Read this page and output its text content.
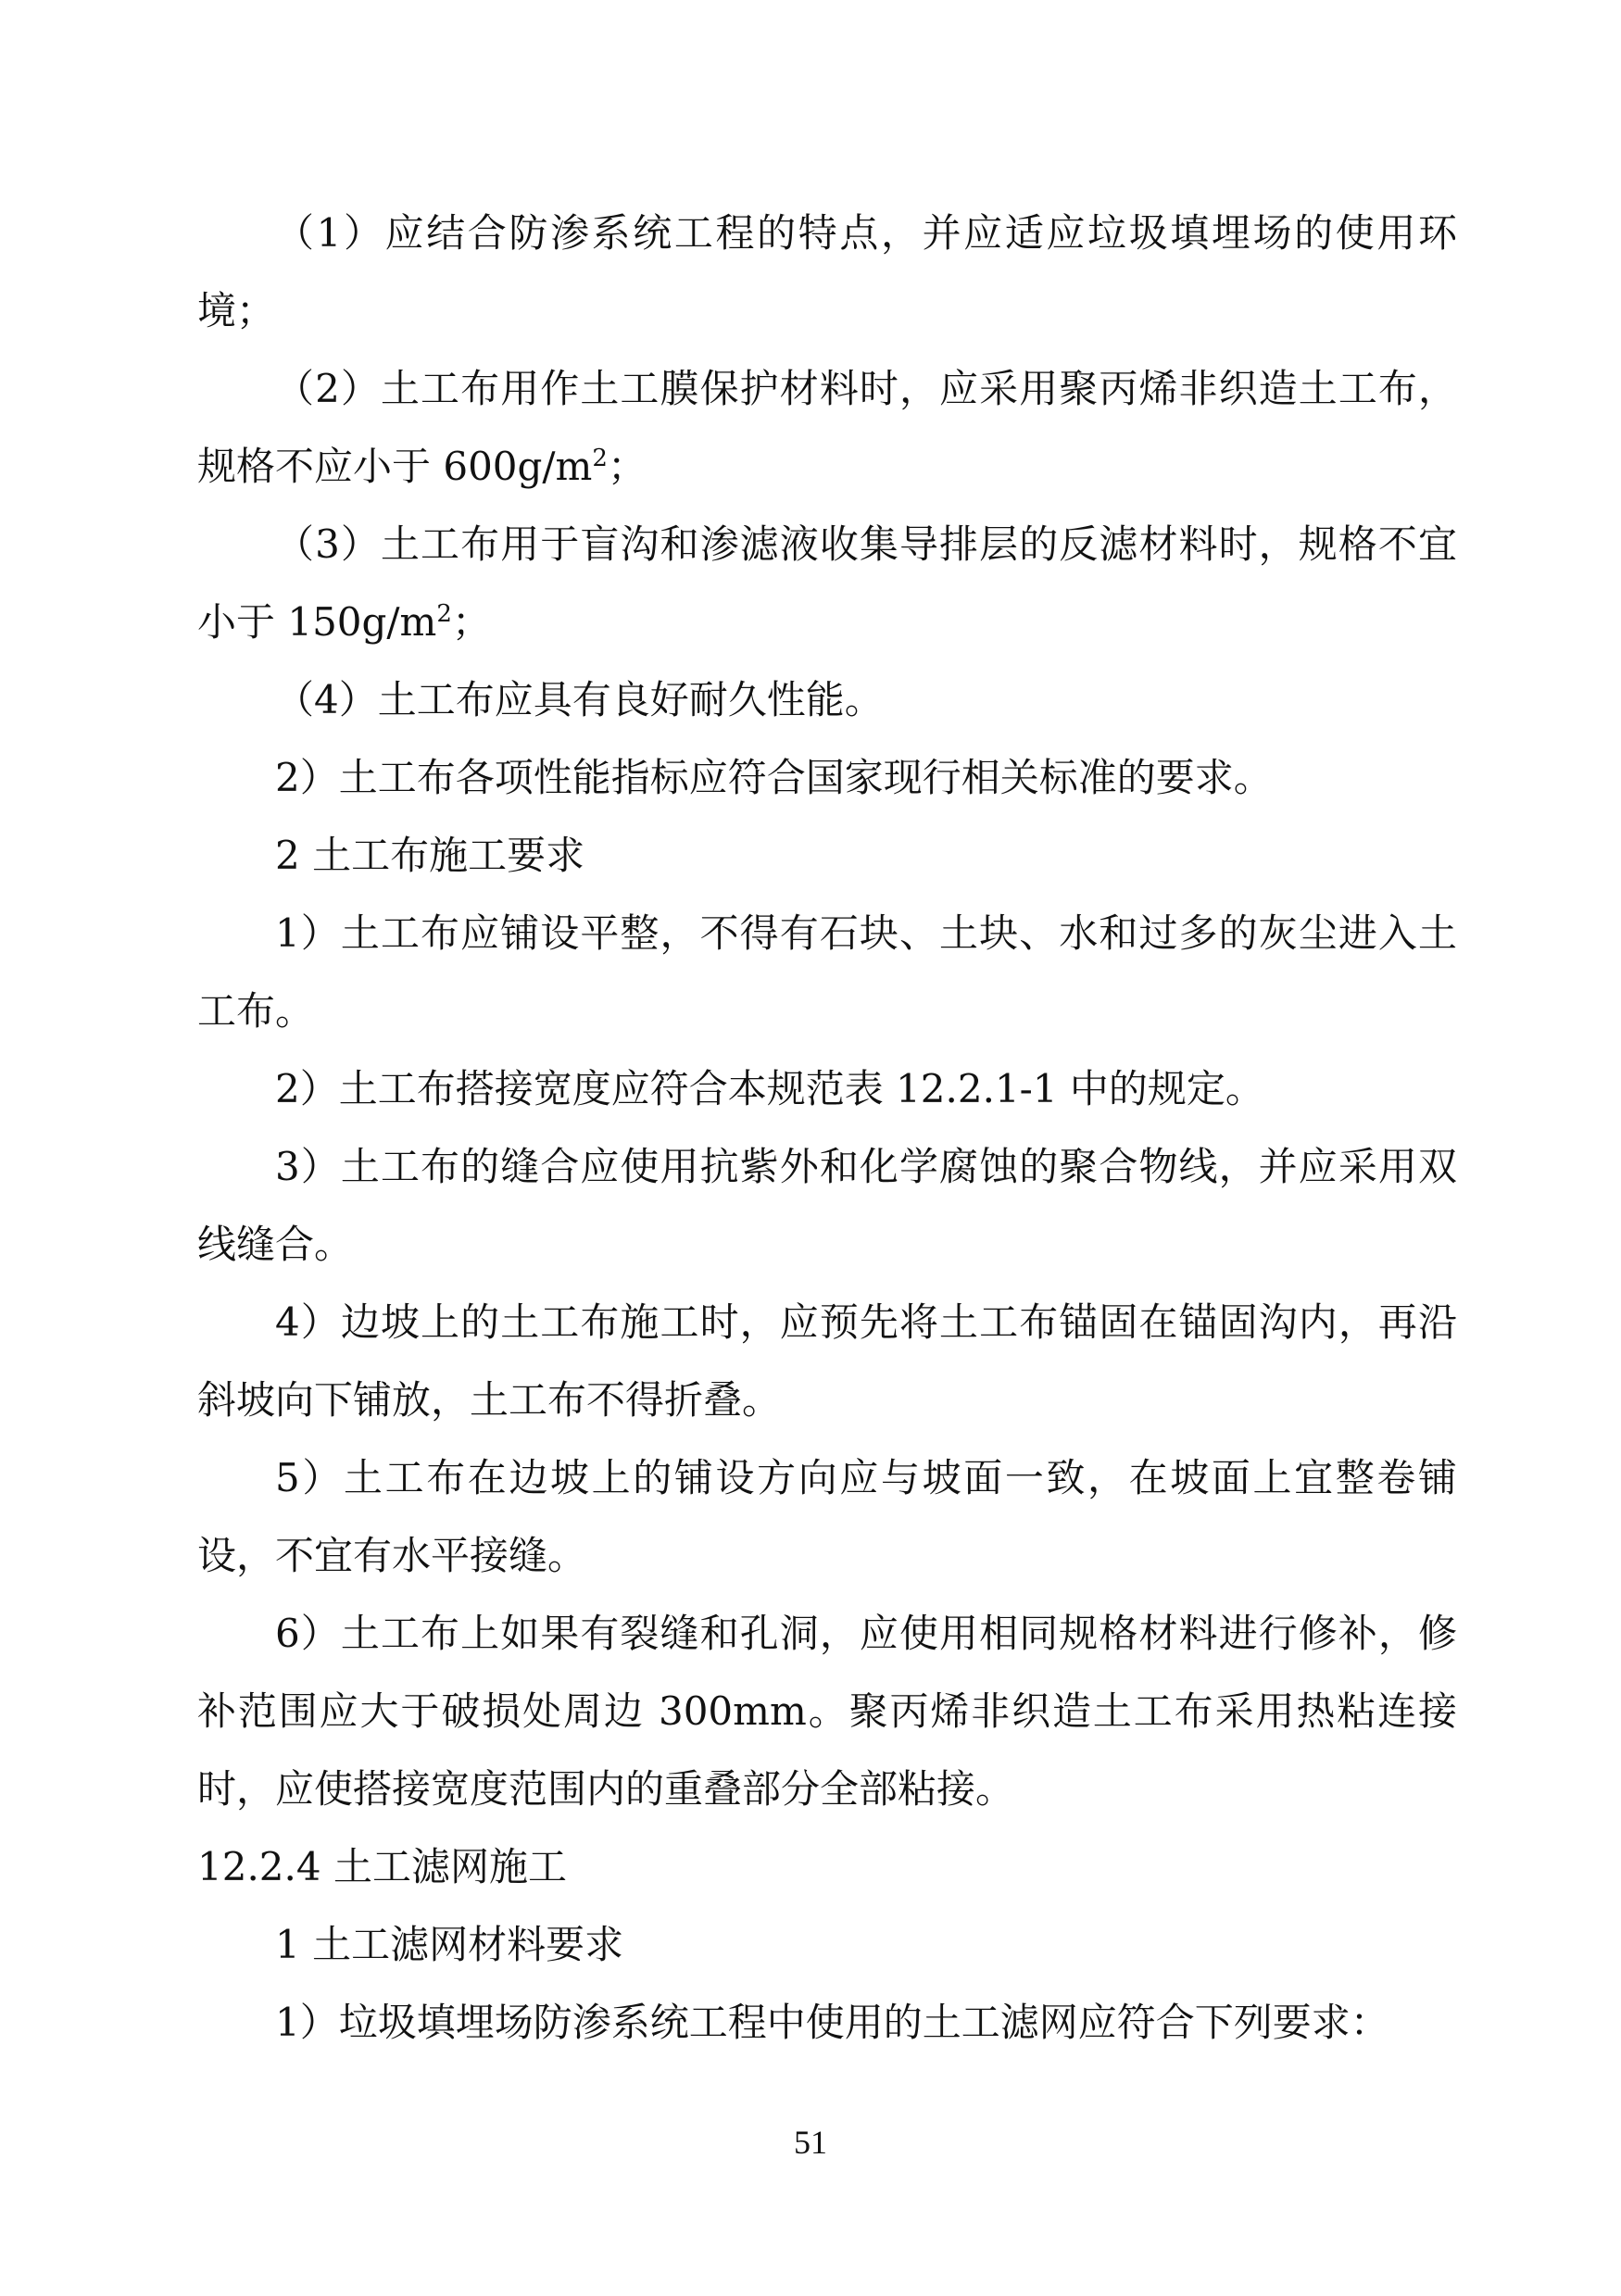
（1）应结合防渗系统工程的特点，并应适应垃圾填埋场的使用环境；

（2）土工布用作土工膜保护材料时，应采用聚丙烯非织造土工布，规格不应小于 $600g/m^2$；

（3）土工布用于盲沟和渗滤液收集导排层的反滤材料时，规格不宜小于 $150g/m^2$；

（4）土工布应具有良好耐久性能。

2）土工布各项性能指标应符合国家现行相关标准的要求。

2 土工布施工要求

1）土工布应铺设平整，不得有石块、土块、水和过多的灰尘进入土工布。

2）土工布搭接宽度应符合本规范表 12.2.1-1 中的规定。

3）土工布的缝合应使用抗紫外和化学腐蚀的聚合物线，并应采用双线缝合。

4）边坡上的土工布施工时，应预先将土工布锚固在锚固沟内，再沿斜坡向下铺放，土工布不得折叠。

5）土工布在边坡上的铺设方向应与坡面一致，在坡面上宜整卷铺设，不宜有水平接缝。

6）土工布上如果有裂缝和孔洞，应使用相同规格材料进行修补，修补范围应大于破损处周边 300mm。聚丙烯非织造土工布采用热粘连接时，应使搭接宽度范围内的重叠部分全部粘接。

12.2.4 土工滤网施工

1 土工滤网材料要求

1）垃圾填埋场防渗系统工程中使用的土工滤网应符合下列要求：

51
